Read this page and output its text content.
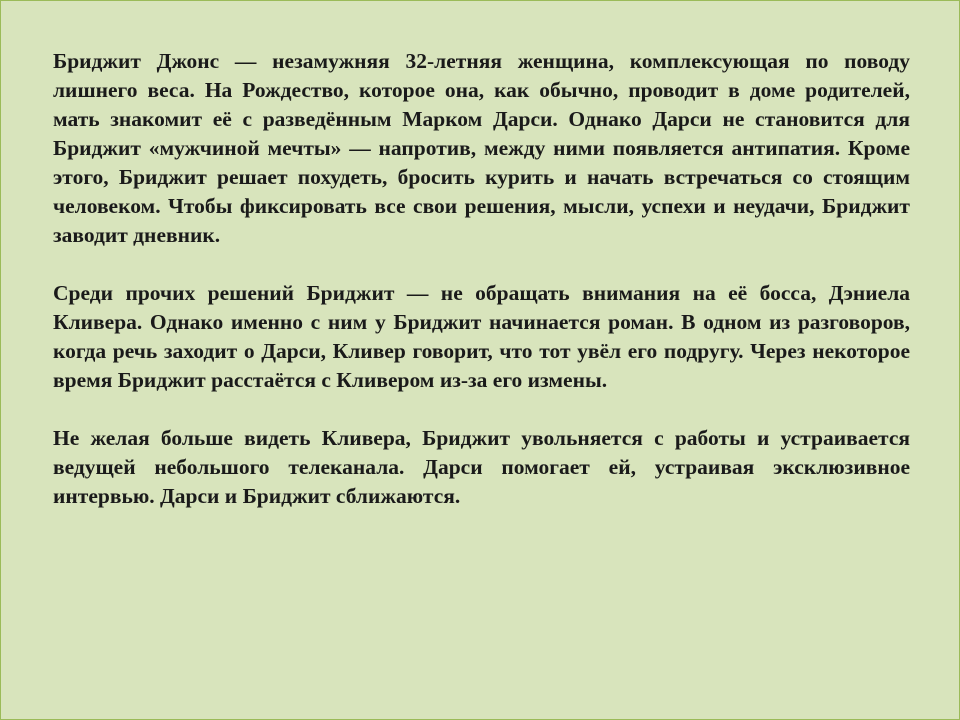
Бриджит Джонс — незамужняя 32-летняя женщина, комплексующая по поводу лишнего веса. На Рождество, которое она, как обычно, проводит в доме родителей, мать знакомит её с разведённым Марком Дарси. Однако Дарси не становится для Бриджит «мужчиной мечты» — напротив, между ними появляется антипатия. Кроме этого, Бриджит решает похудеть, бросить курить и начать встречаться со стоящим человеком. Чтобы фиксировать все свои решения, мысли, успехи и неудачи, Бриджит заводит дневник.

Среди прочих решений Бриджит — не обращать внимания на её босса, Дэниела Кливера. Однако именно с ним у Бриджит начинается роман. В одном из разговоров, когда речь заходит о Дарси, Кливер говорит, что тот увёл его подругу. Через некоторое время Бриджит расстаётся с Кливером из-за его измены.

Не желая больше видеть Кливера, Бриджит увольняется с работы и устраивается ведущей небольшого телеканала. Дарси помогает ей, устраивая эксклюзивное интервью. Дарси и Бриджит сближаются.
